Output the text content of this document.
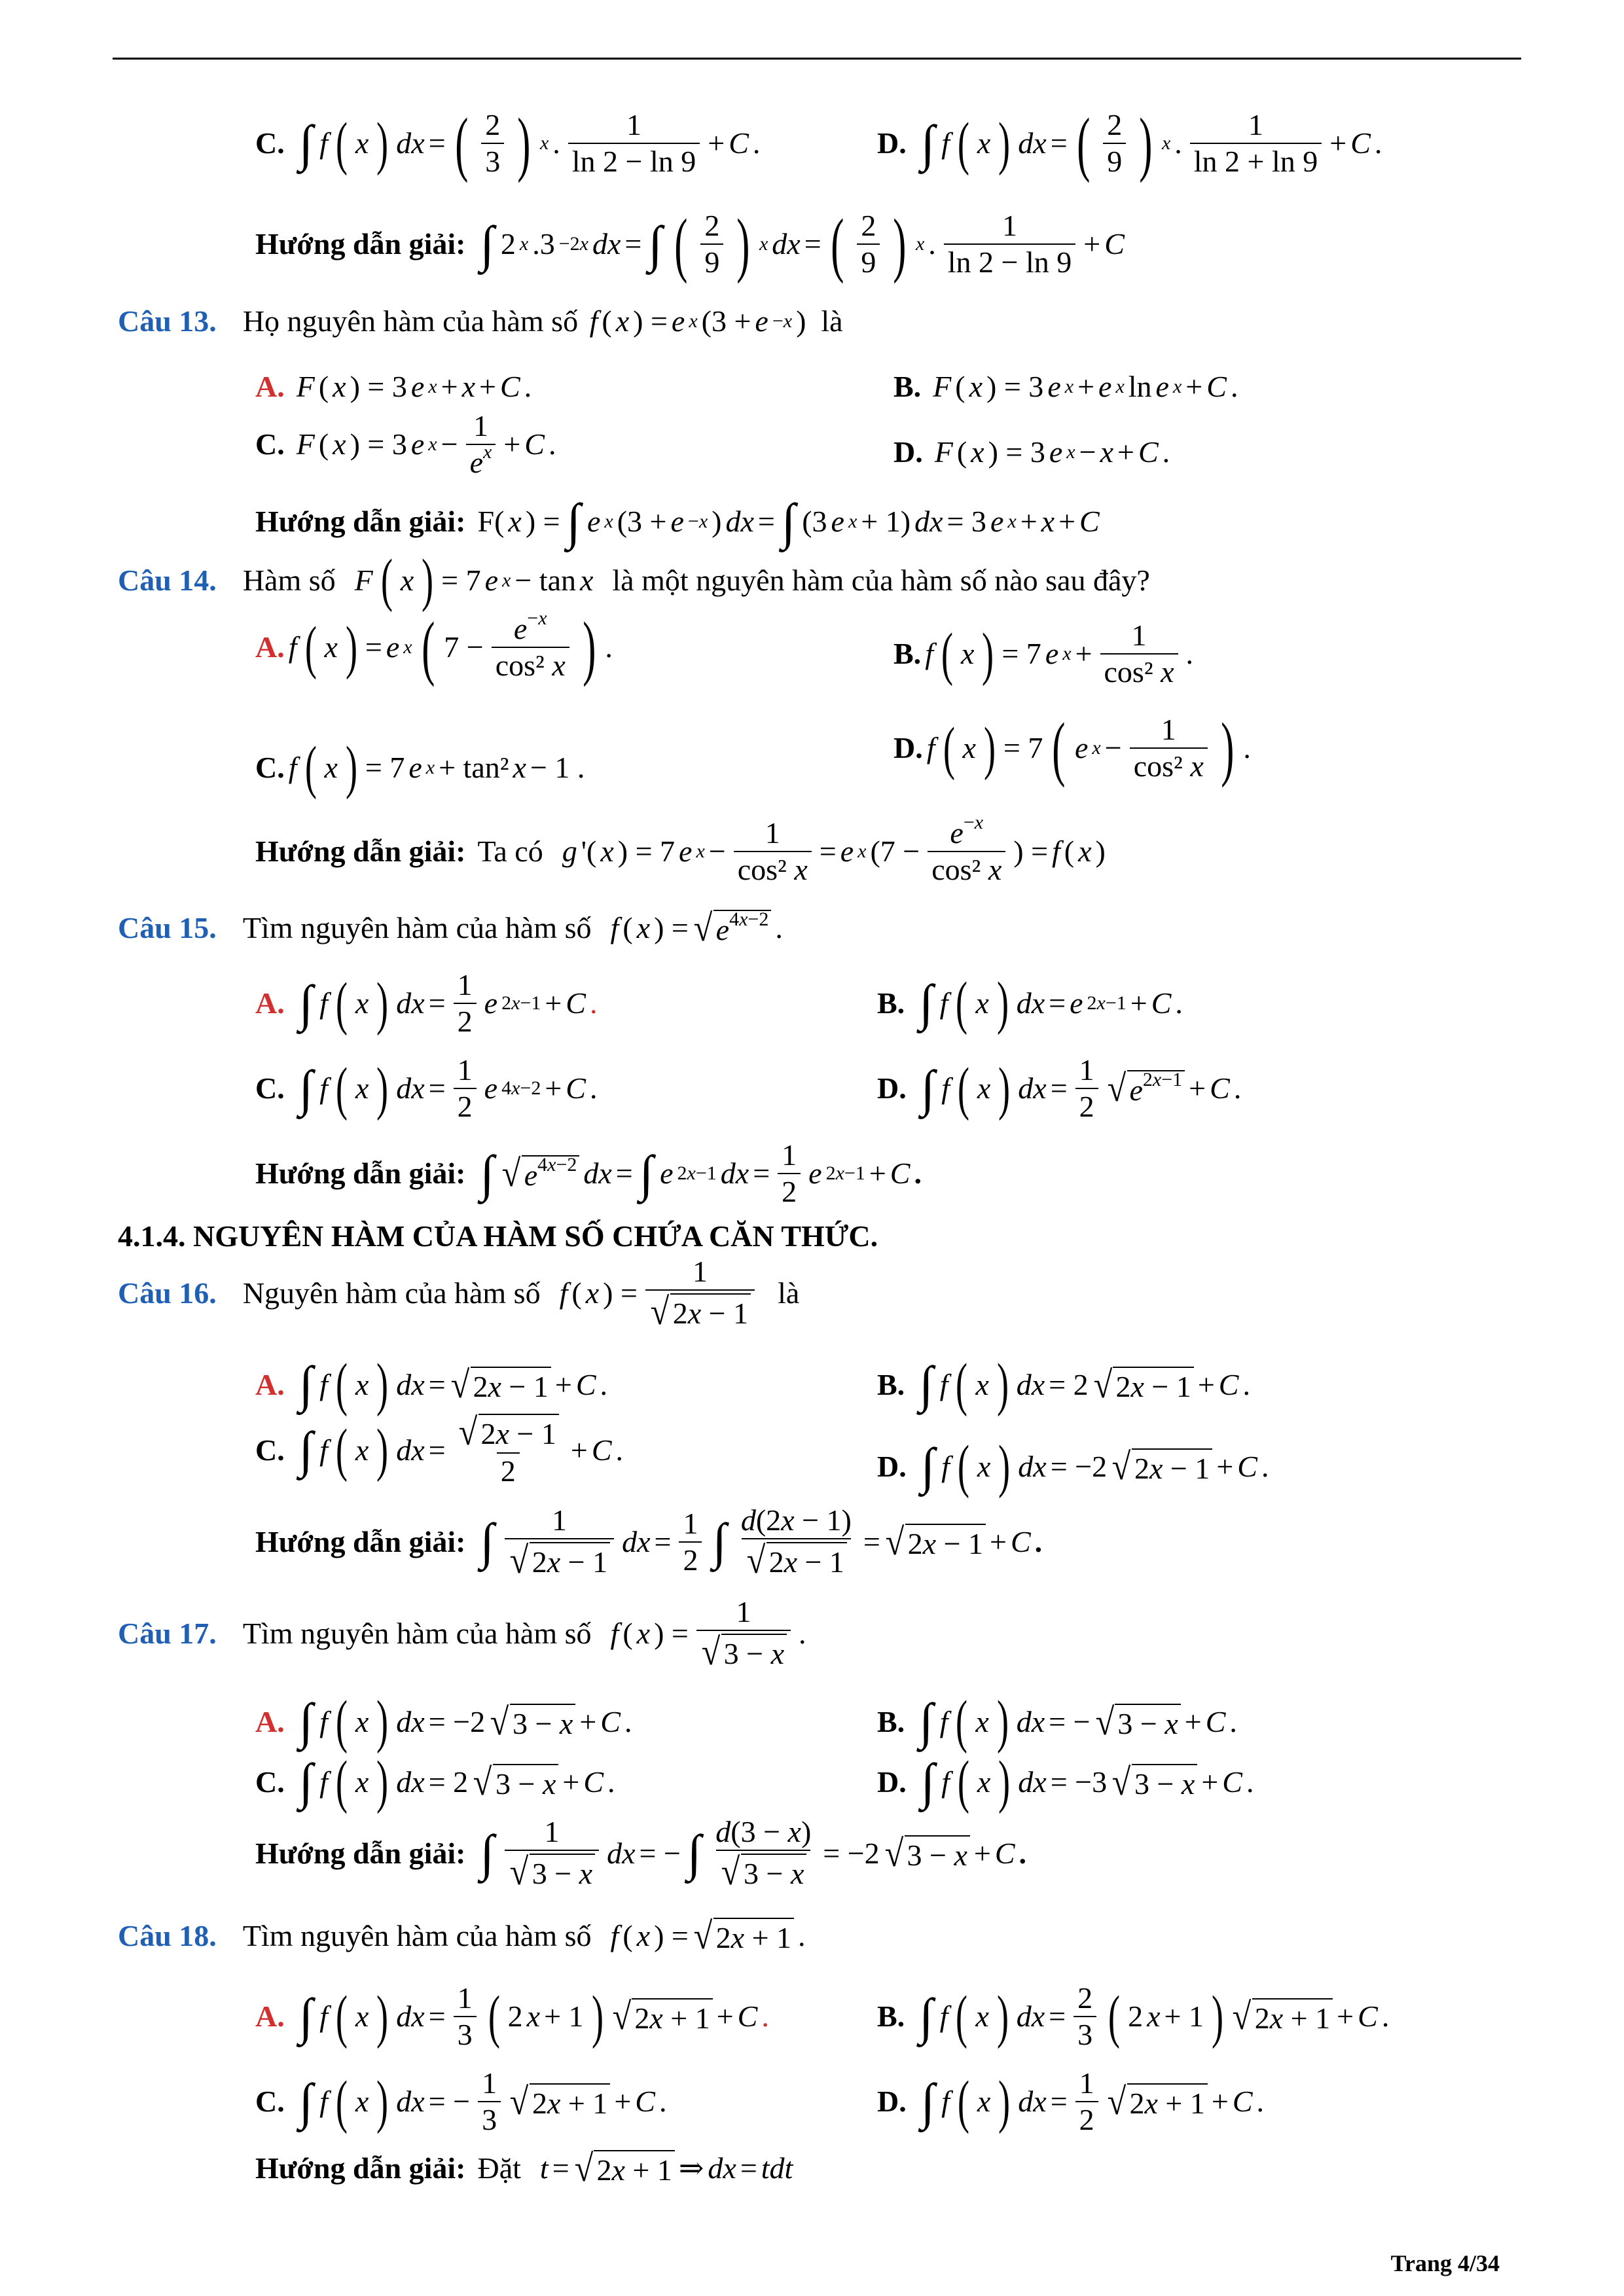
C. ∫ f ( x ) dx = ( $\frac{2}{3}$ ) x . $\frac{1}{\ln 2 - \ln 9} + C$ .	D. ∫ f ( x ) dx = ( $\frac{2}{9}$ ) x . $\frac{1}{\ln 2 + \ln 9} + C$ .
Hướng dẫn giải: ∫ 2 x .3 −2x dx = ∫ ( $\frac{2}{9}$ ) x dx = ( $\frac{2}{9}$ ) x . $\frac{1}{\ln 2 - \ln 9} + C$
Câu 13. Họ nguyên hàm của hàm số f ( x ) = e x (3 + e −x )  là
A. F ( x ) = 3 e x + x + C .	B. F ( x ) = 3 e x + e x ln e x + C .
C. F ( x ) = 3 e $x - \frac{1}{e^x} + C$ .	D. F ( x ) = 3 e x − x + C .
Hướng dẫn giải: F( x ) = ∫ e x (3 + e −x ) dx = ∫ (3 e x + 1) dx = 3 e x + x + C
Câu 14. Hàm số F ( x ) = 7 e x − tan x là một nguyên hàm của hàm số nào sau đây?
A. f ( x ) = e x ( $7 - \frac{e^{-x}}{\text{cos² x}}$ ) .	B. f ( x ) = 7 e $x + \frac{1}{\text{cos² x}}$ .
C. f ( x ) = 7 e x + tan² x − 1 .
D. f ( x ) = 7 ( e $x - \frac{1}{\text{cos² x}}$ ) .
Hướng dẫn giải: Ta có g '( x ) = 7 e $x - \frac{1}{\text{cos² x}} = e$ x ($7 - \frac{e^{-x}}{\text{cos² x}}$ ) = f ( x )
Câu 15. Tìm nguyên hàm của hàm số f ( x ) = √ $e^{4x-2}$ .
A. ∫ f ( x ) dx = $\frac{1}{2}$ e 2x−1 + C .	B. ∫ f ( x ) dx = e 2x−1 + C .
C. ∫ f ( x ) dx = $\frac{1}{2}$ e 4x−2 + C .	D. ∫ f ( x ) dx = $\frac{1}{2}$ √ $e^{2x-1} + C$ .
Hướng dẫn giải: ∫ √ $e^{4x-2}$ dx = ∫ e 2x−1 dx = $\frac{1}{2}$ e 2x−1 + C .
4.1.4. NGUYÊN HÀM CỦA HÀM SỐ CHỨA CĂN THỨC.
Câu 16. Nguyên hàm của hàm số f ( x ) = $\frac{1}{√ 2x - 1}$ là
A. ∫ f ( x ) dx = √ 2x − 1 + C .	B. ∫ f ( x ) dx = 2 √ 2x − 1 + C .
C. ∫ f ( x ) dx = $\frac{√ 2x - 1}{2} + C$ .	D. ∫ f ( x ) dx = −2 √ 2x − 1 + C .
Hướng dẫn giải: ∫ $\frac{1}{√ 2x - 1}$ dx = $\frac{1}{2}$ ∫ $\frac{d(2x - 1)}{√ 2x - 1}$ = √ 2x − 1 + C .
Câu 17. Tìm nguyên hàm của hàm số f ( x ) = $\frac{1}{√ 3 - x}$ .
A. ∫ f ( x ) dx = −2 √ 3 − x + C .	B. ∫ f ( x ) dx = − √ 3 − x + C .
C. ∫ f ( x ) dx = 2 √ 3 − x + C .	D. ∫ f ( x ) dx = −3 √ 3 − x + C .
Hướng dẫn giải: ∫ $\frac{1}{√ 3 - x}$ dx = − ∫ $\frac{d(3 - x)}{√ 3 - x} = -2$ √ 3 − x + C .
Câu 18. Tìm nguyên hàm của hàm số f ( x ) = √ 2x + 1 .
A. ∫ f ( x ) dx = $\frac{1}{3}$ ( 2 x + 1 ) √ 2x + 1 + C .	B. ∫ f ( x ) dx = $\frac{2}{3}$ ( 2 x + 1 ) √ 2x + 1 + C .
C. ∫ f ( x ) dx = − $\frac{1}{3}$ √ 2x + 1 + C .	D. ∫ f ( x ) dx = $\frac{1}{2}$ √ 2x + 1 + C .
Hướng dẫn giải: Đặt t = √ 2x + 1 ⇒ dx = tdt
Trang 4/34
